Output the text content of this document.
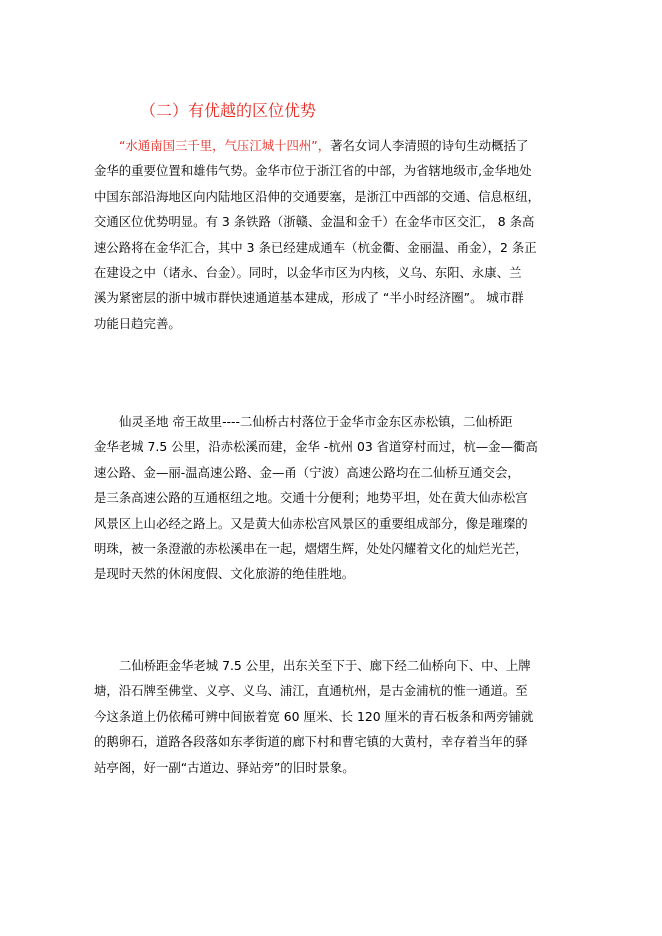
（二）有优越的区位优势
“水通南国三千里，气压江城十四州”，著名女词人李清照的诗句生动概括了
金华的重要位置和雄伟气势。金华市位于浙江省的中部，为省辖地级市,金华地处
中国东部沿海地区向内陆地区沿伸的交通要塞，是浙江中西部的交通、信息枢纽，
交通区位优势明显。有 3 条铁路（浙赣、金温和金千）在金华市区交汇， 8 条高
速公路将在金华汇合，其中 3 条已经建成通车（杭金衢、金丽温、甬金），2 条正
在建设之中（诸永、台金）。同时，以金华市区为内核，义乌、东阳、永康、兰
溪为紧密层的浙中城市群快速通道基本建成，形成了 “半小时经济圈”。 城市群
功能日趋完善。
仙灵圣地 帝王故里----二仙桥古村落位于金华市金东区赤松镇，二仙桥距
金华老城 7.5 公里，沿赤松溪而建，金华 -杭州 03 省道穿村而过，杭—金—衢高
速公路、金—丽-温高速公路、金—甬（宁波）高速公路均在二仙桥互通交会，
是三条高速公路的互通枢纽之地。交通十分便利；地势平坦，处在黄大仙赤松宫
风景区上山必经之路上。又是黄大仙赤松宫风景区的重要组成部分，像是璀璨的
明珠，被一条澄澈的赤松溪串在一起，熠熠生辉，处处闪耀着文化的灿烂光芒，
是现时天然的休闲度假、文化旅游的绝佳胜地。
二仙桥距金华老城 7.5 公里，出东关至下于、廊下经二仙桥向下、中、上牌
塘，沿石牌至佛堂、义亭、义乌、浦江，直通杭州，是古金浦杭的惟一通道。至
今这条道上仍依稀可辨中间嵌着宽 60 厘米、长 120 厘米的青石板条和两旁铺就
的鹅卵石，道路各段落如东孝街道的廊下村和曹宅镇的大黄村，幸存着当年的驿
站亭阁，好一副“古道边、驿站旁”的旧时景象。
